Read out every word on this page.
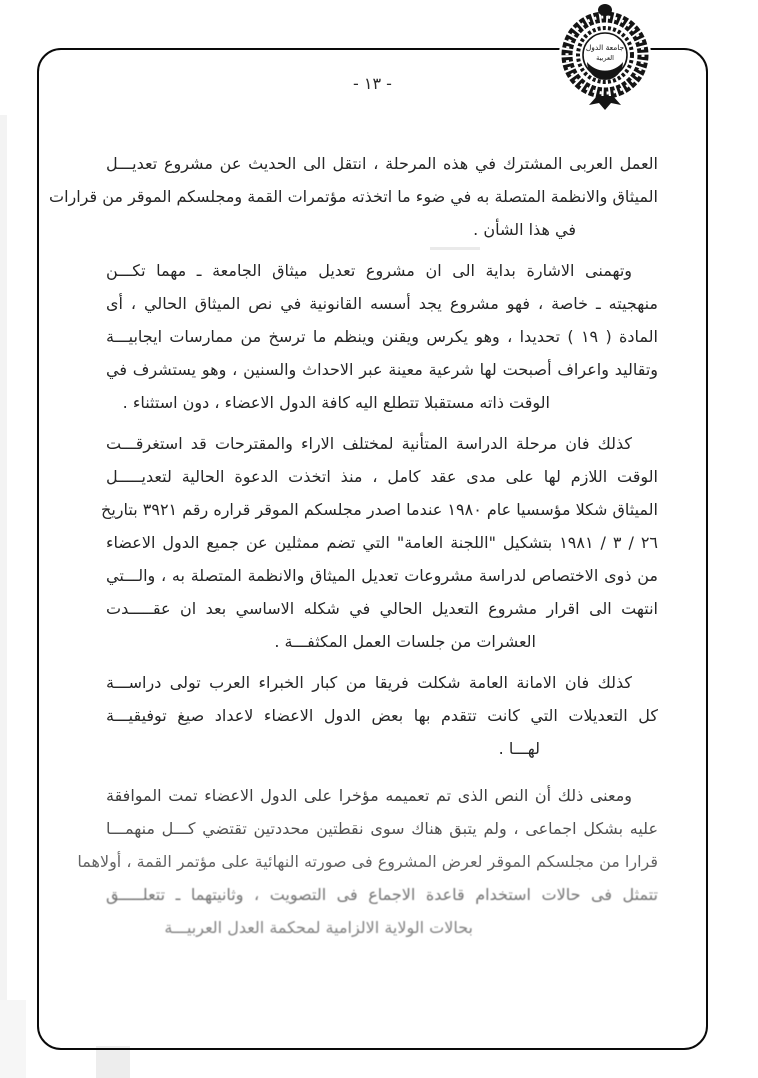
جامعة الدول
العربية
- ١٣ -
العمل العربى المشترك في هذه المرحلة ، انتقل الى الحديث عن مشروع تعديـــل
الميثاق والانظمة المتصلة به في ضوء ما اتخذته مؤتمرات القمة ومجلسكم الموقر من قرارات
في هذا الشأن .
وتهمنى الاشارة بداية الى ان مشروع تعديل ميثاق الجامعة ـ مهما تكـــن
منهجيته ـ خاصة ، فهو مشروع يجد أسسه القانونية في نص الميثاق الحالي ، أى
المادة ( ١٩ ) تحديدا ، وهو يكرس ويقنن وينظم ما ترسخ من ممارسات ايجابيـــة
وتقاليد واعراف أصبحت لها شرعية معينة عبر الاحداث والسنين ، وهو يستشرف في
الوقت ذاته مستقبلا تتطلع اليه كافة الدول الاعضاء ، دون استثناء .
كذلك فان مرحلة الدراسة المتأنية لمختلف الاراء والمقترحات قد استغرقـــت
الوقت اللازم لها على مدى عقد كامل ، منذ اتخذت الدعوة الحالية لتعديـــــل
الميثاق شكلا مؤسسيا عام ١٩٨٠ عندما اصدر مجلسكم الموقر قراره رقم ٣٩٢١ بتاريخ
٢٦ / ٣ / ١٩٨١ بتشكيل "اللجنة العامة" التي تضم ممثلين عن جميع الدول الاعضاء
من ذوى الاختصاص لدراسة مشروعات تعديل الميثاق والانظمة المتصلة به ، والـــتي
انتهت الى اقرار مشروع التعديل الحالي في شكله الاساسي بعد ان عقـــــدت
العشرات من جلسات العمل المكثفـــة .
كذلك فان الامانة العامة شكلت فريقا من كبار الخبراء العرب تولى دراســـة
كل التعديلات التي كانت تتقدم بها بعض الدول الاعضاء لاعداد صيغ توفيقيـــة
لهـــا .
ومعنى ذلك أن النص الذى تم تعميمه مؤخرا على الدول الاعضاء تمت الموافقة
عليه بشكل اجماعى ، ولم يتبق هناك سوى نقطتين محددتين تقتضي كـــل منهمـــا
قرارا من مجلسكم الموقر لعرض المشروع فى صورته النهائية على مؤتمر القمة ، أولاهما
تتمثل فى حالات استخدام قاعدة الاجماع فى التصويت ، وثانيتهما ـ تتعلـــــق
بحالات الولاية الالزامية لمحكمة العدل العربيـــة
